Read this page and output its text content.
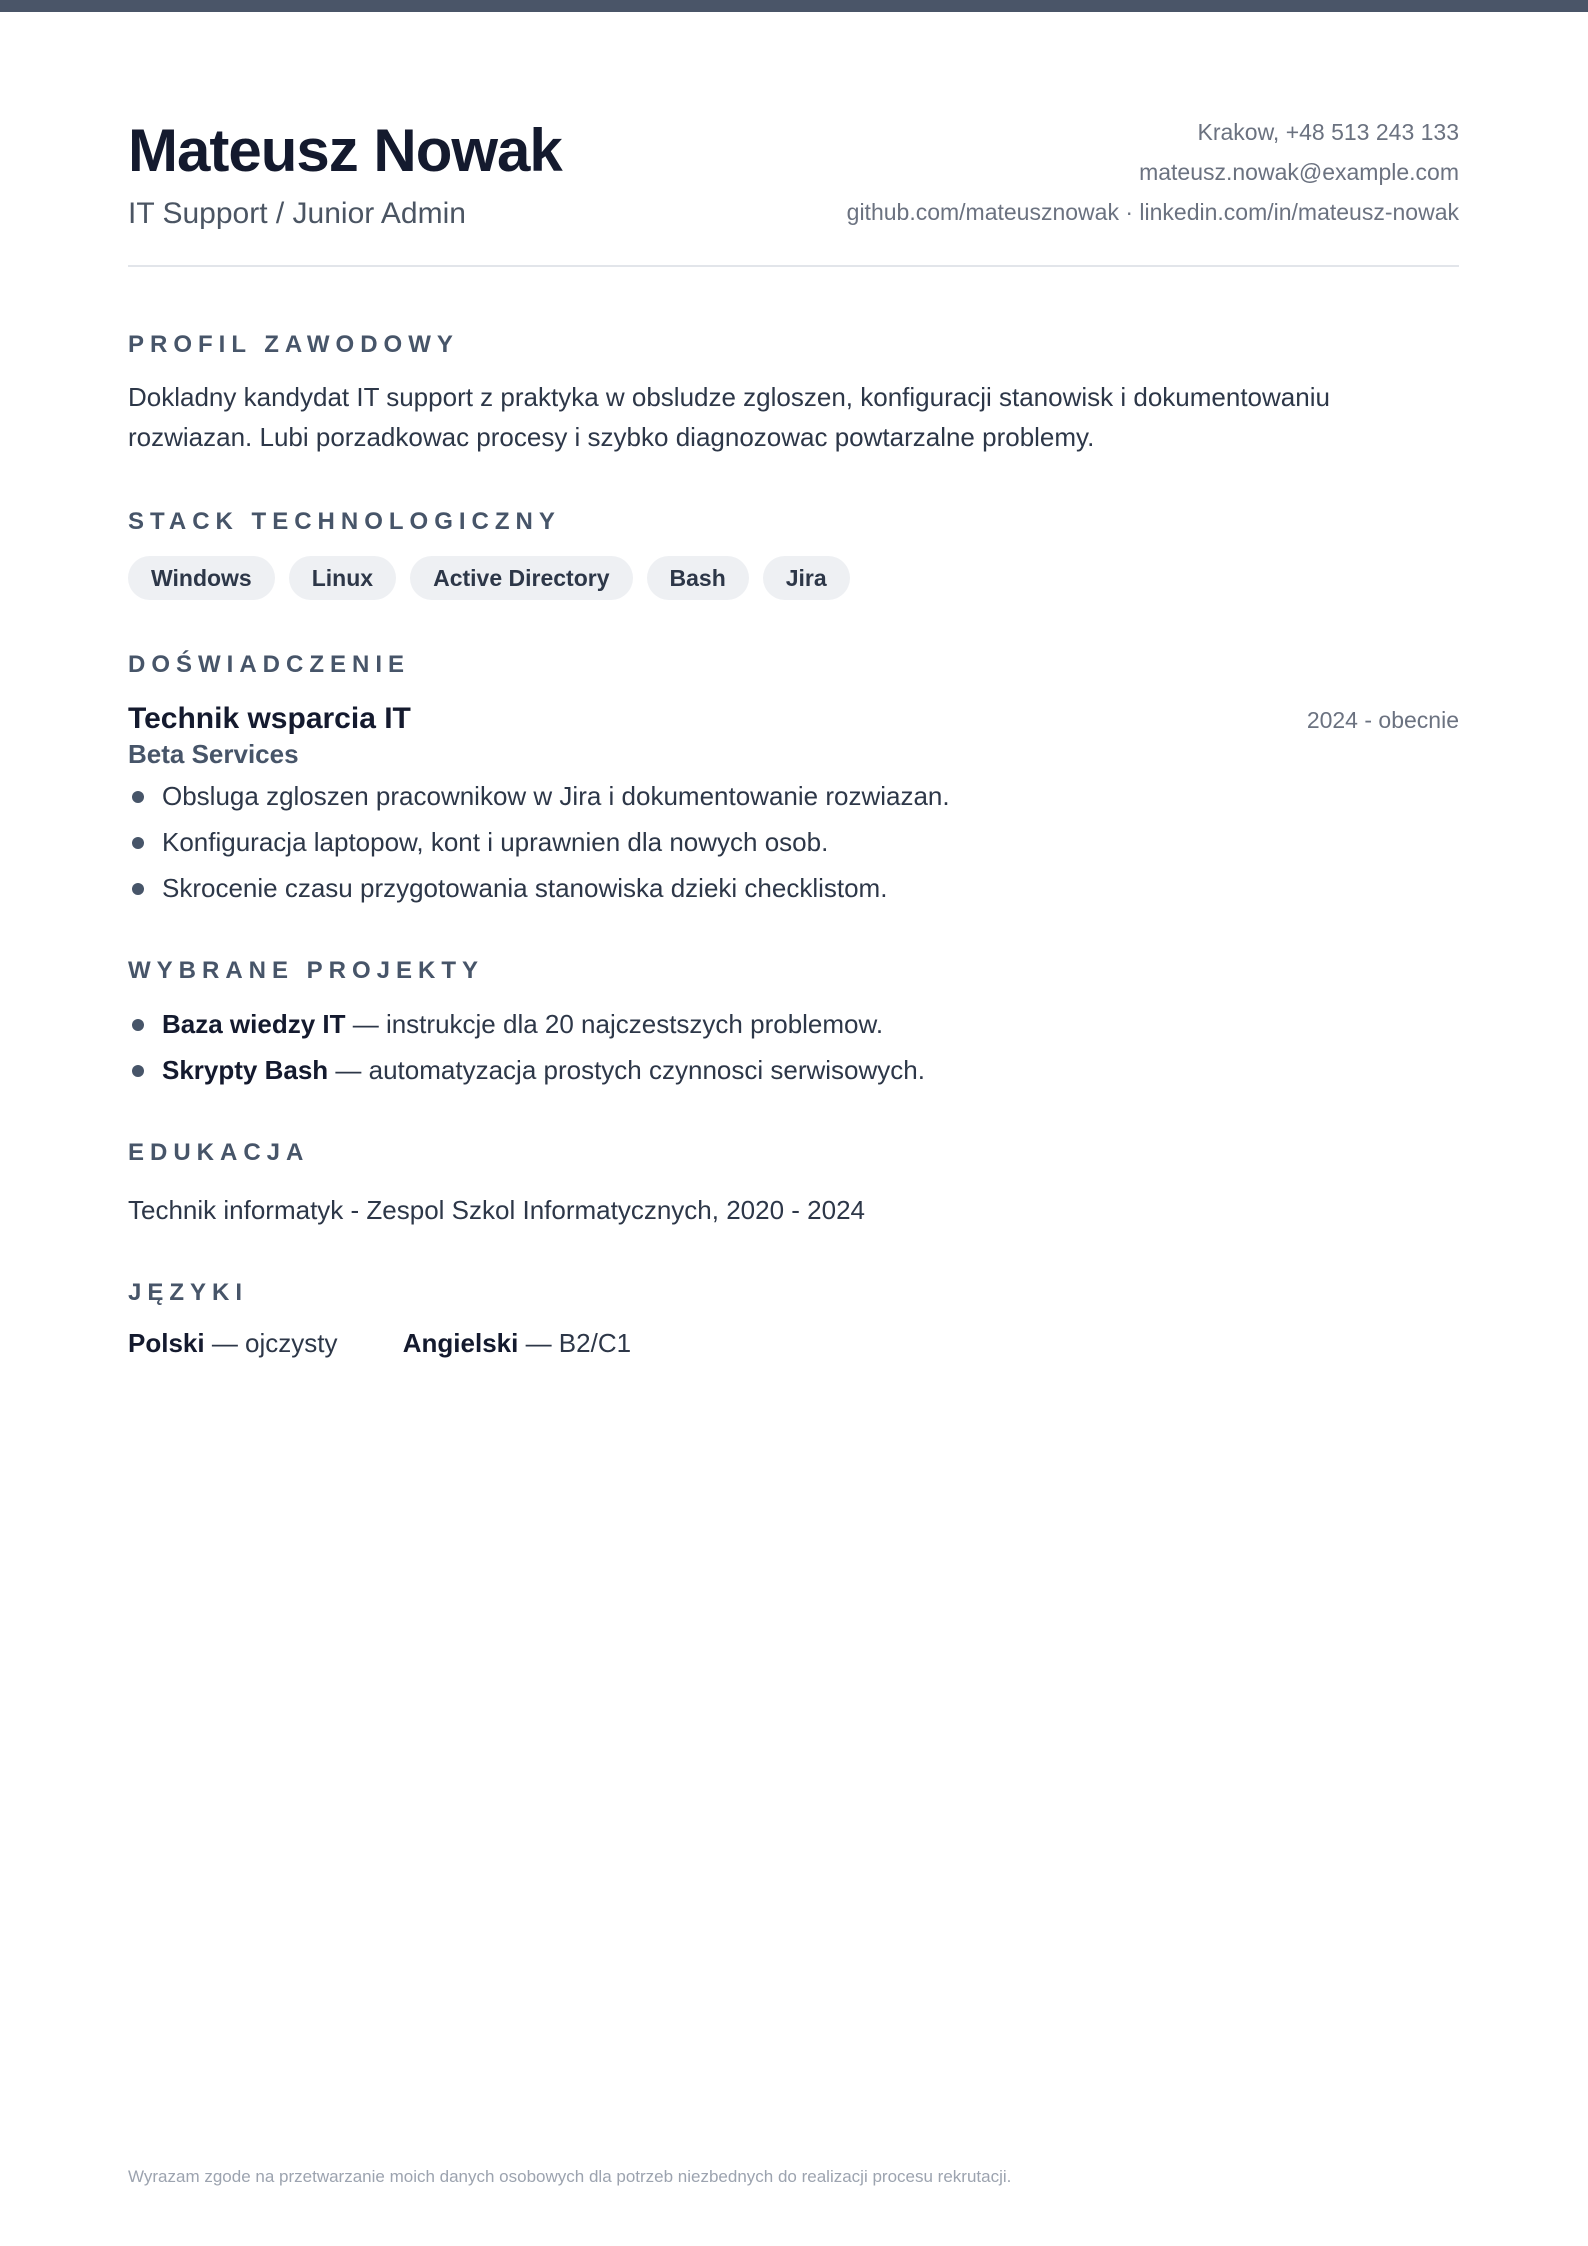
Mateusz Nowak
IT Support / Junior Admin
Krakow, +48 513 243 133
mateusz.nowak@example.com
github.com/mateusznowak · linkedin.com/in/mateusz-nowak
PROFIL ZAWODOWY
Dokladny kandydat IT support z praktyka w obsludze zgloszen, konfiguracji stanowisk i dokumentowaniu rozwiazan. Lubi porzadkowac procesy i szybko diagnozowac powtarzalne problemy.
STACK TECHNOLOGICZNY
Windows	Linux	Active Directory	Bash	Jira
DOŚWIADCZENIE
Technik wsparcia IT	2024 - obecnie
Beta Services
Obsluga zgloszen pracownikow w Jira i dokumentowanie rozwiazan.
Konfiguracja laptopow, kont i uprawnien dla nowych osob.
Skrocenie czasu przygotowania stanowiska dzieki checklistom.
WYBRANE PROJEKTY
Baza wiedzy IT — instrukcje dla 20 najczestszych problemow.
Skrypty Bash — automatyzacja prostych czynnosci serwisowych.
EDUKACJA
Technik informatyk - Zespol Szkol Informatycznych, 2020 - 2024
JĘZYKI
Polski — ojczysty	Angielski — B2/C1
Wyrazam zgode na przetwarzanie moich danych osobowych dla potrzeb niezbednych do realizacji procesu rekrutacji.
